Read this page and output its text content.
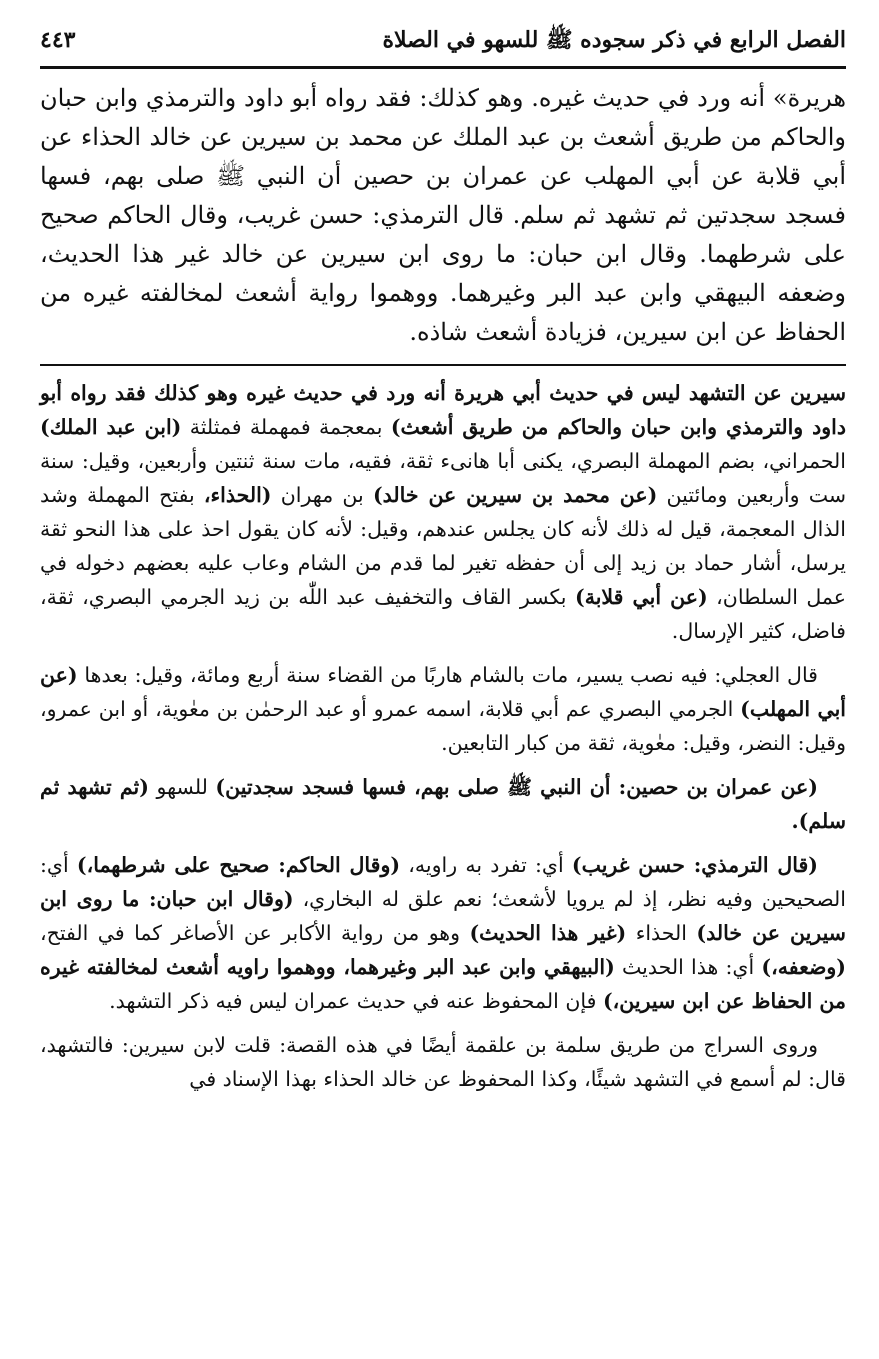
الفصل الرابع في ذكر سجوده ﷺ للسهو في الصلاة
٤٤٣
هريرة» أنه ورد في حديث غيره. وهو كذلك: فقد رواه أبو داود والترمذي وابن حبان والحاكم من طريق أشعث بن عبد الملك عن محمد بن سيرين عن خالد الحذاء عن أبي قلابة عن أبي المهلب عن عمران بن حصين أن النبي ﷺ صلى بهم، فسها فسجد سجدتين ثم تشهد ثم سلم. قال الترمذي: حسن غريب، وقال الحاكم صحيح على شرطهما. وقال ابن حبان: ما روى ابن سيرين عن خالد غير هذا الحديث، وضعفه البيهقي وابن عبد البر وغيرهما. ووهموا رواية أشعث لمخالفته غيره من الحفاظ عن ابن سيرين، فزيادة أشعث شاذه.

سيرين عن التشهد ليس في حديث أبي هريرة أنه ورد في حديث غيره وهو كذلك فقد رواه أبو داود والترمذي وابن حبان والحاكم من طريق أشعث) بمعجمة فمهملة فمثلثة (ابن عبد الملك) الحمراني، بضم المهملة البصري، يكنى أبا هانىء ثقة، فقيه، مات سنة ثنتين وأربعين، وقيل: سنة ست وأربعين ومائتين (عن محمد بن سيرين عن خالد) بن مهران (الحذاء، بفتح المهملة وشد الذال المعجمة، قيل له ذلك لأنه كان يجلس عندهم، وقيل: لأنه كان يقول احذ على هذا النحو ثقة يرسل، أشار حماد بن زيد إلى أن حفظه تغير لما قدم من الشام وعاب عليه بعضهم دخوله في عمل السلطان، (عن أبي قلابة) بكسر القاف والتخفيف عبد اللّٰه بن زيد الجرمي البصري، ثقة، فاضل، كثير الإرسال.

قال العجلي: فيه نصب يسير، مات بالشام هاربًا من القضاء سنة أربع ومائة، وقيل: بعدها (عن أبي المهلب) الجرمي البصري عم أبي قلابة، اسمه عمرو أو عبد الرحمٰن بن معٰوية، أو ابن عمرو، وقيل: النضر، وقيل: معٰوية، ثقة من كبار التابعين.

(عن عمران بن حصين: أن النبي ﷺ صلى بهم، فسها فسجد سجدتين) للسهو (ثم تشهد ثم سلم).

(قال الترمذي: حسن غريب) أي: تفرد به راويه، (وقال الحاكم: صحيح على شرطهما،) أي: الصحيحين وفيه نظر، إذ لم يرويا لأشعث؛ نعم علق له البخاري، (وقال ابن حبان: ما روى ابن سيرين عن خالد) الحذاء (غير هذا الحديث) وهو من رواية الأكابر عن الأصاغر كما في الفتح، (وضعفه،) أي: هذا الحديث (البيهقي وابن عبد البر وغيرهما، ووهموا راويه أشعث لمخالفته غيره من الحفاظ عن ابن سيرين،) فإن المحفوظ عنه في حديث عمران ليس فيه ذكر التشهد.

وروى السراج من طريق سلمة بن علقمة أيضًا في هذه القصة: قلت لابن سيرين: فالتشهد، قال: لم أسمع في التشهد شيئًا، وكذا المحفوظ عن خالد الحذاء بهذا الإسناد في
